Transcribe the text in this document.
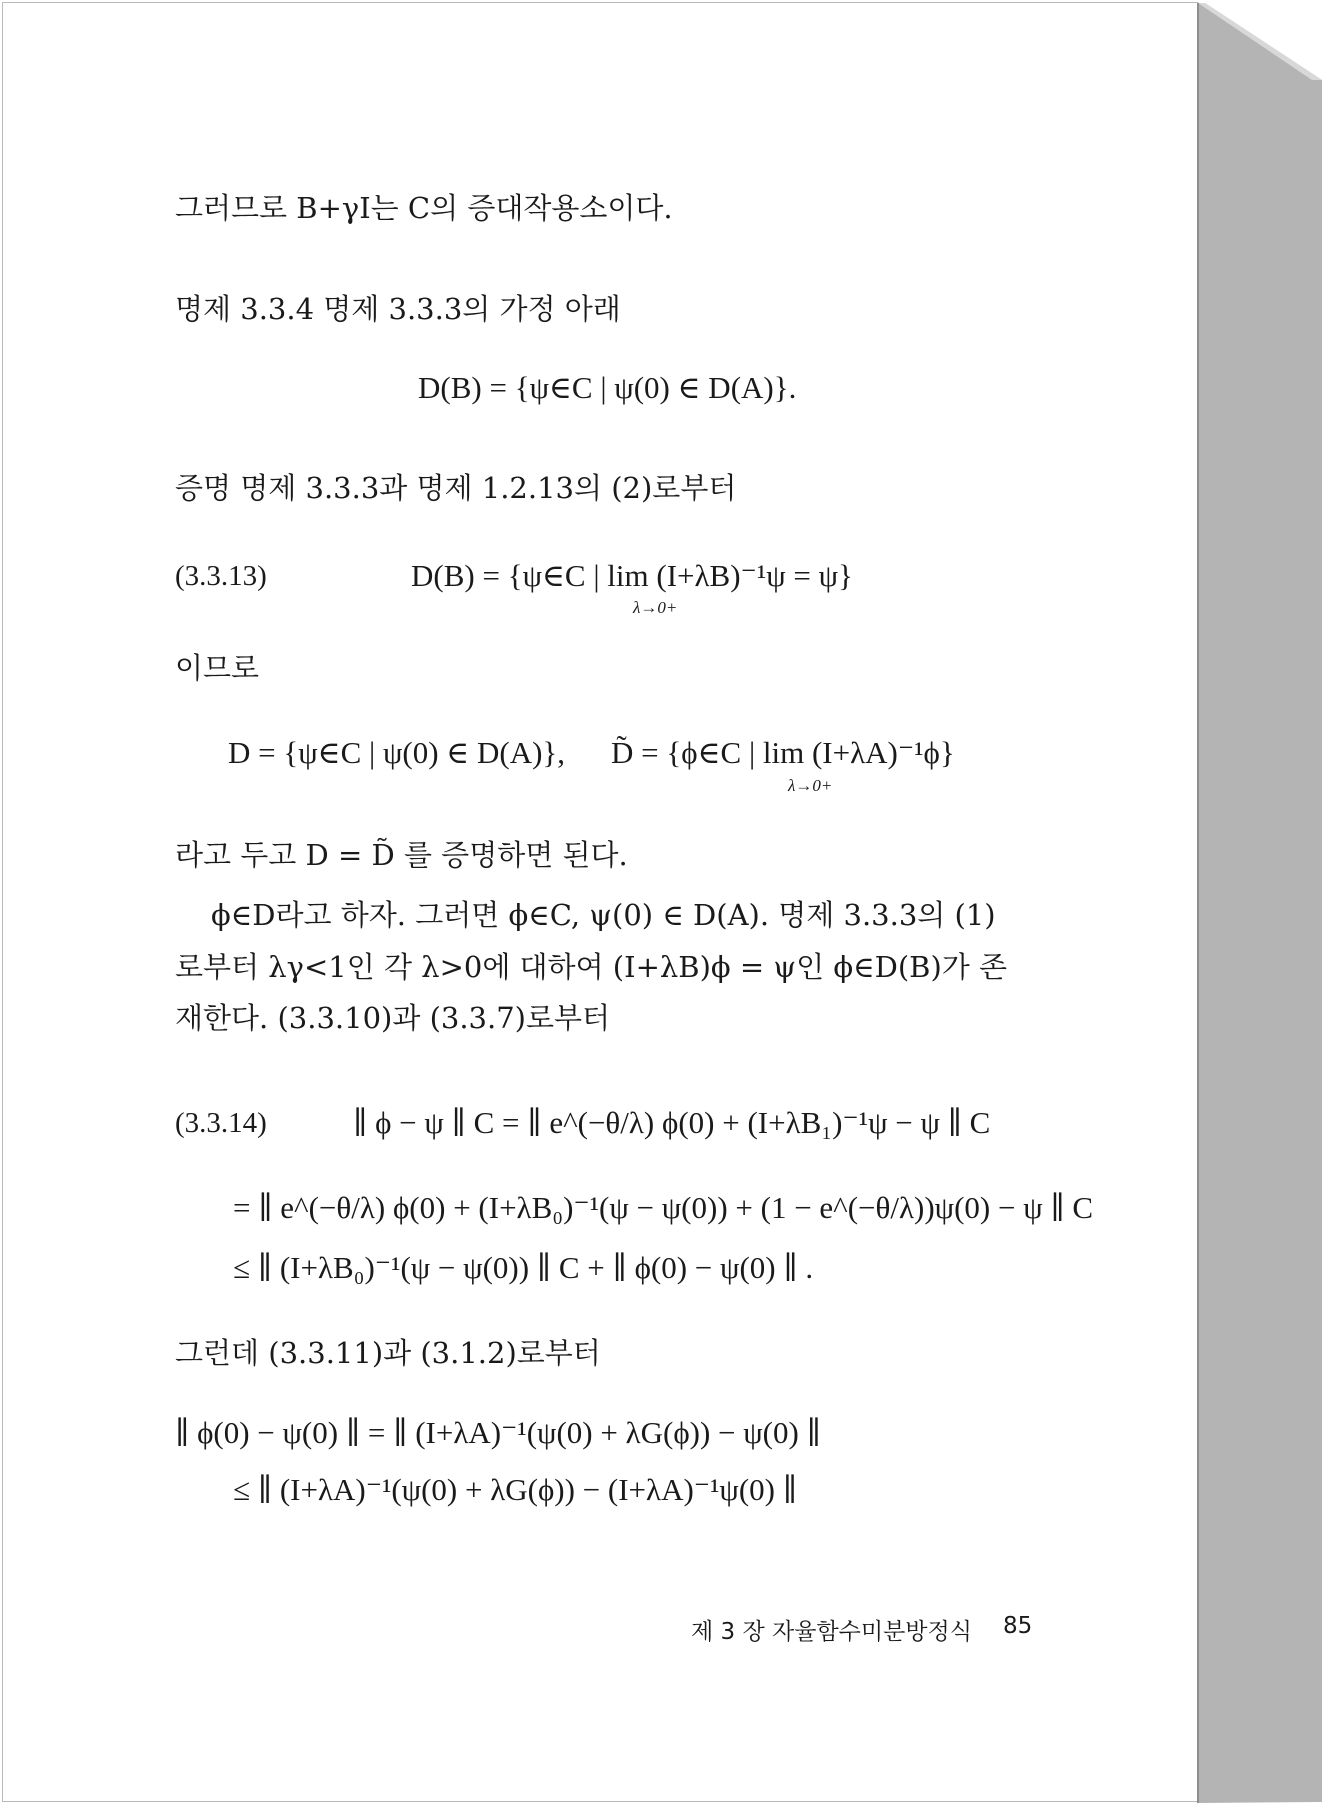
그러므로 B+γI는 C의 증대작용소이다.
명제 3.3.4 명제 3.3.3의 가정 아래
D(B) = {ψ∈C | ψ(0) ∈ D(A)}.
증명 명제 3.3.3과 명제 1.2.13의 (2)로부터
(3.3.13)	D(B) = {ψ∈C | lim (I+λB)⁻¹ψ = ψ}
λ→0+
이므로
D = {ψ∈C | ψ(0) ∈ D(A)}, D̃ = {ϕ∈C | lim (I+λA)⁻¹ϕ}
λ→0+
라고 두고 D = D̃ 를 증명하면 된다.
ϕ∈D라고 하자. 그러면 ϕ∈C, ψ(0) ∈ D(A). 명제 3.3.3의 (1)
로부터 λγ<1인 각 λ>0에 대하여 (I+λB)ϕ = ψ인 ϕ∈D(B)가 존
재한다. (3.3.10)과 (3.3.7)로부터
(3.3.14)	∥ ϕ − ψ ∥ C = ∥ e^(−θ/λ) ϕ(0) + (I+λB₁)⁻¹ψ − ψ ∥ C
= ∥ e^(−θ/λ) ϕ(0) + (I+λB₀)⁻¹(ψ − ψ(0)) + (1 − e^(−θ/λ))ψ(0) − ψ ∥ C
≤ ∥ (I+λB₀)⁻¹(ψ − ψ(0)) ∥ C + ∥ ϕ(0) − ψ(0) ∥ .
그런데 (3.3.11)과 (3.1.2)로부터
∥ ϕ(0) − ψ(0) ∥ = ∥ (I+λA)⁻¹(ψ(0) + λG(ϕ)) − ψ(0) ∥
≤ ∥ (I+λA)⁻¹(ψ(0) + λG(ϕ)) − (I+λA)⁻¹ψ(0) ∥
제 3 장 자율함수미분방정식 85
